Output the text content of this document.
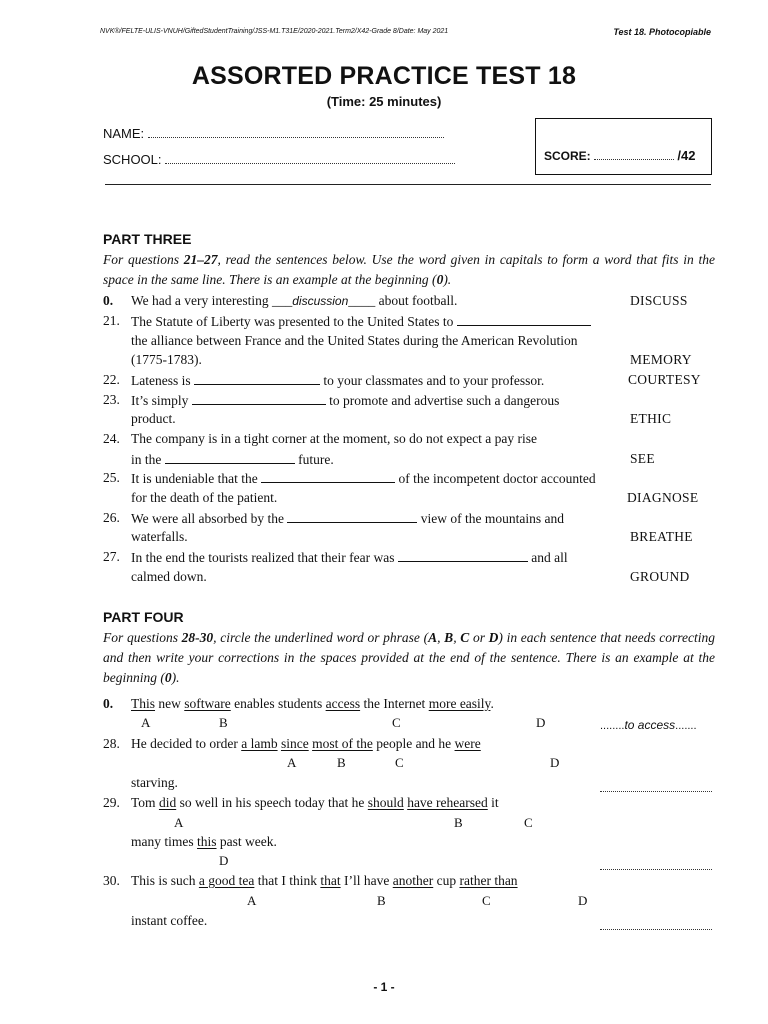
NVK®/FELTE-ULIS-VNUH/GiftedStudentTraining/JSS-M1.T31E/2020-2021.Term2/X42-Grade 8/Date: May 2021	Test 18. Photocopiable
ASSORTED PRACTICE TEST 18
(Time: 25 minutes)
NAME:
SCHOOL:	SCORE:	/42
PART THREE
For questions 21–27, read the sentences below. Use the word given in capitals to form a word that fits in the space in the same line. There is an example at the beginning (0).
0. We had a very interesting ___discussion____ about football.	DISCUSS
21. The Statute of Liberty was presented to the United States to
the alliance between France and the United States during the American Revolution
(1775-1783).	MEMORY
22. Lateness is	to your classmates and to your professor.	COURTESY
23. It’s simply	to promote and advertise such a dangerous
product.	ETHIC
24. The company is in a tight corner at the moment, so do not expect a pay rise
in the	future.	SEE
25. It is undeniable that the	of the incompetent doctor accounted
for the death of the patient.	DIAGNOSE
26. We were all absorbed by the	view of the mountains and
waterfalls.	BREATHE
27. In the end the tourists realized that their fear was	and all
calmed down.	GROUND
PART FOUR
For questions 28-30, circle the underlined word or phrase (A, B, C or D) in each sentence that needs correcting and then write your corrections in the spaces provided at the end of the sentence. There is an example at the beginning (0).
0. This new software enables students access the Internet more easily.
........to access.......
A	B	C	D
28. He decided to order a lamb since most of the people and he were
A	B	C	D
starving.
29. Tom did so well in his speech today that he should have rehearsed it
A	B	C
many times this past week.
D
30. This is such a good tea that I think that I’ll have another cup rather than
A	B	C	D
instant coffee.
- 1 -
